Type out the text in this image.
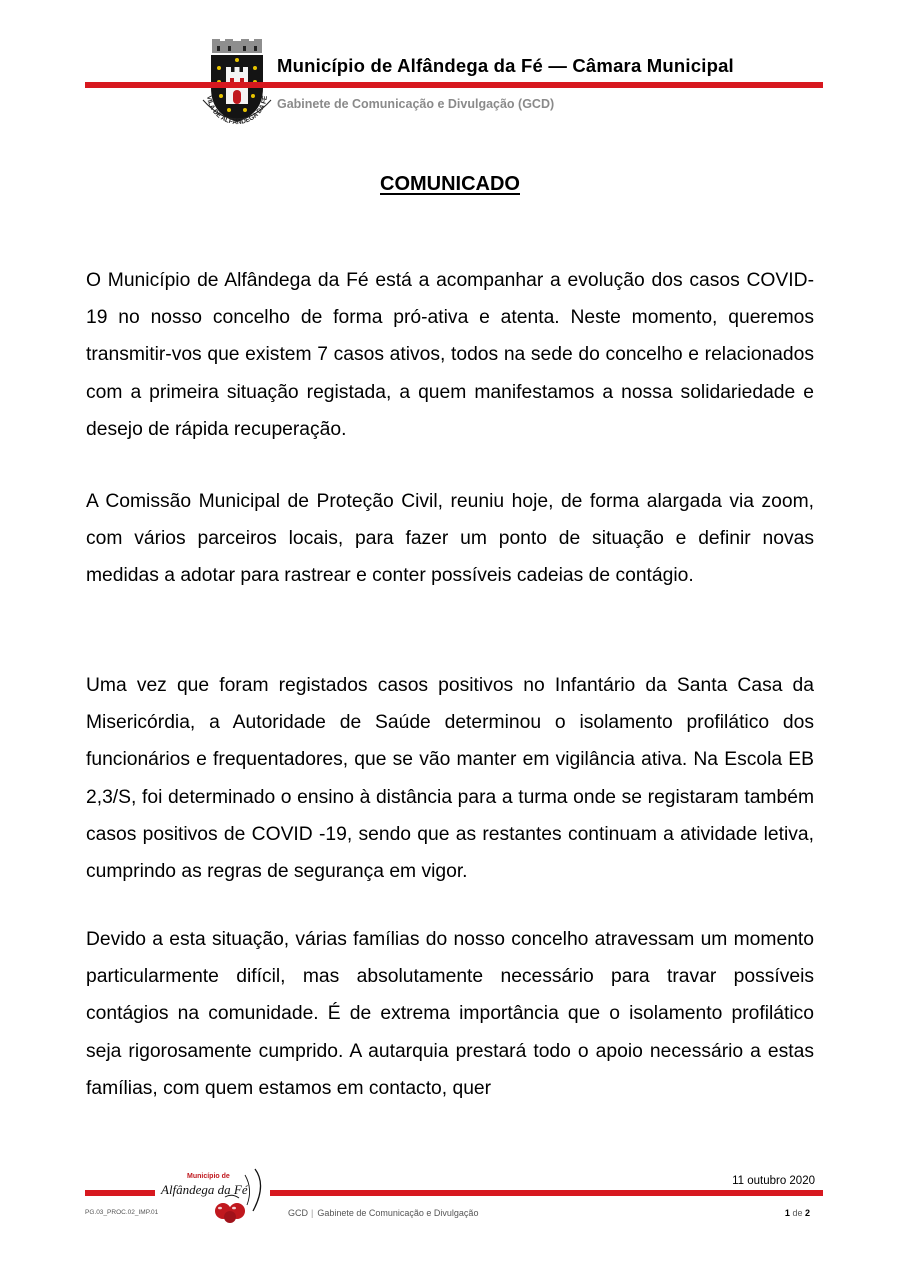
VILA DE ALFÂNDEGA DA FÉ
Município de Alfândega da Fé — Câmara Municipal
Gabinete de Comunicação e Divulgação (GCD)
COMUNICADO

O Município de Alfândega da Fé está a acompanhar a evolução dos casos COVID-19 no nosso concelho de forma pró-ativa e atenta. Neste momento, queremos transmitir-vos que existem 7 casos ativos, todos na sede do concelho e relacionados com a primeira situação registada, a quem manifestamos a nossa solidariedade e desejo de rápida recuperação.

A Comissão Municipal de Proteção Civil, reuniu hoje, de forma alargada via zoom, com vários parceiros locais, para fazer um ponto de situação e definir novas medidas a adotar para rastrear e conter possíveis cadeias de contágio.

Uma vez que foram registados casos positivos no Infantário da Santa Casa da Misericórdia, a Autoridade de Saúde determinou o isolamento profilático dos funcionários e frequentadores, que se vão manter em vigilância ativa. Na Escola EB 2,3/S, foi determinado o ensino à distância para a turma onde se registaram também casos positivos de COVID -19, sendo que as restantes continuam a atividade letiva, cumprindo as regras de segurança em vigor.

Devido a esta situação, várias famílias do nosso concelho atravessam um momento particularmente difícil, mas absolutamente necessário para travar possíveis contágios na comunidade. É de extrema importância que o isolamento profilático seja rigorosamente cumprido. A autarquia prestará todo o apoio necessário a estas famílias, com quem estamos em contacto, quer

Município de
Alfândega da Fé
11 outubro 2020
PG.03_PROC.02_IMP.01	GCD | Gabinete de Comunicação e Divulgação	1 de 2
